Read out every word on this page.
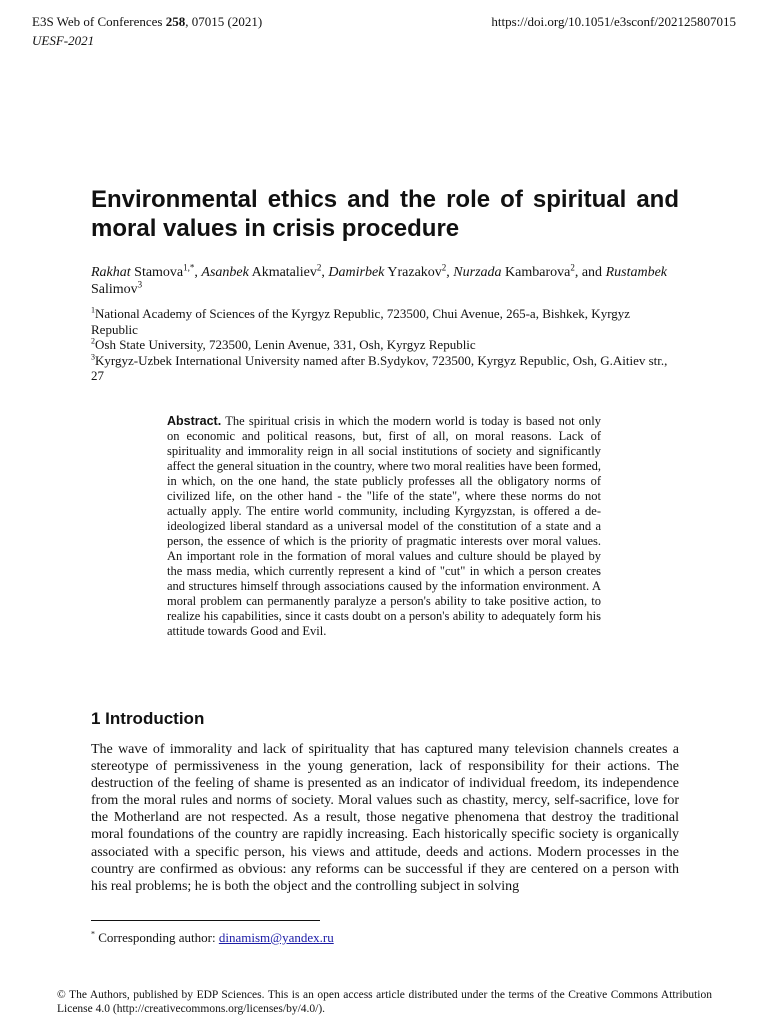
E3S Web of Conferences 258, 07015 (2021)
UESF-2021
https://doi.org/10.1051/e3sconf/202125807015
Environmental ethics and the role of spiritual and moral values in crisis procedure
Rakhat Stamova$^{1,*}$, Asanbek Akmataliev$^2$, Damirbek Yrazakov$^2$, Nurzada Kambarova$^2$, and Rustambek Salimov$^3$
$^1$National Academy of Sciences of the Kyrgyz Republic, 723500, Chui Avenue, 265-a, Bishkek, Kyrgyz Republic
$^2$Osh State University, 723500, Lenin Avenue, 331, Osh, Kyrgyz Republic
$^3$Kyrgyz-Uzbek International University named after B.Sydykov, 723500, Kyrgyz Republic, Osh, G.Aitiev str., 27

Abstract. The spiritual crisis in which the modern world is today is based not only on economic and political reasons, but, first of all, on moral reasons. Lack of spirituality and immorality reign in all social institutions of society and significantly affect the general situation in the country, where two moral realities have been formed, in which, on the one hand, the state publicly professes all the obligatory norms of civilized life, on the other hand - the "life of the state", where these norms do not actually apply. The entire world community, including Kyrgyzstan, is offered a de-ideologized liberal standard as a universal model of the constitution of a state and a person, the essence of which is the priority of pragmatic interests over moral values. An important role in the formation of moral values and culture should be played by the mass media, which currently represent a kind of "cut" in which a person creates and structures himself through associations caused by the information environment. A moral problem can permanently paralyze a person's ability to take positive action, to realize his capabilities, since it casts doubt on a person's ability to adequately form his attitude towards Good and Evil.

1 Introduction

The wave of immorality and lack of spirituality that has captured many television channels creates a stereotype of permissiveness in the young generation, lack of responsibility for their actions. The destruction of the feeling of shame is presented as an indicator of individual freedom, its independence from the moral rules and norms of society. Moral values such as chastity, mercy, self-sacrifice, love for the Motherland are not respected. As a result, those negative phenomena that destroy the traditional moral foundations of the country are rapidly increasing. Each historically specific society is organically associated with a specific person, his views and attitude, deeds and actions. Modern processes in the country are confirmed as obvious: any reforms can be successful if they are centered on a person with his real problems; he is both the object and the controlling subject in solving

* Corresponding author: dinamism@yandex.ru

© The Authors, published by EDP Sciences. This is an open access article distributed under the terms of the Creative Commons Attribution License 4.0 (http://creativecommons.org/licenses/by/4.0/).
